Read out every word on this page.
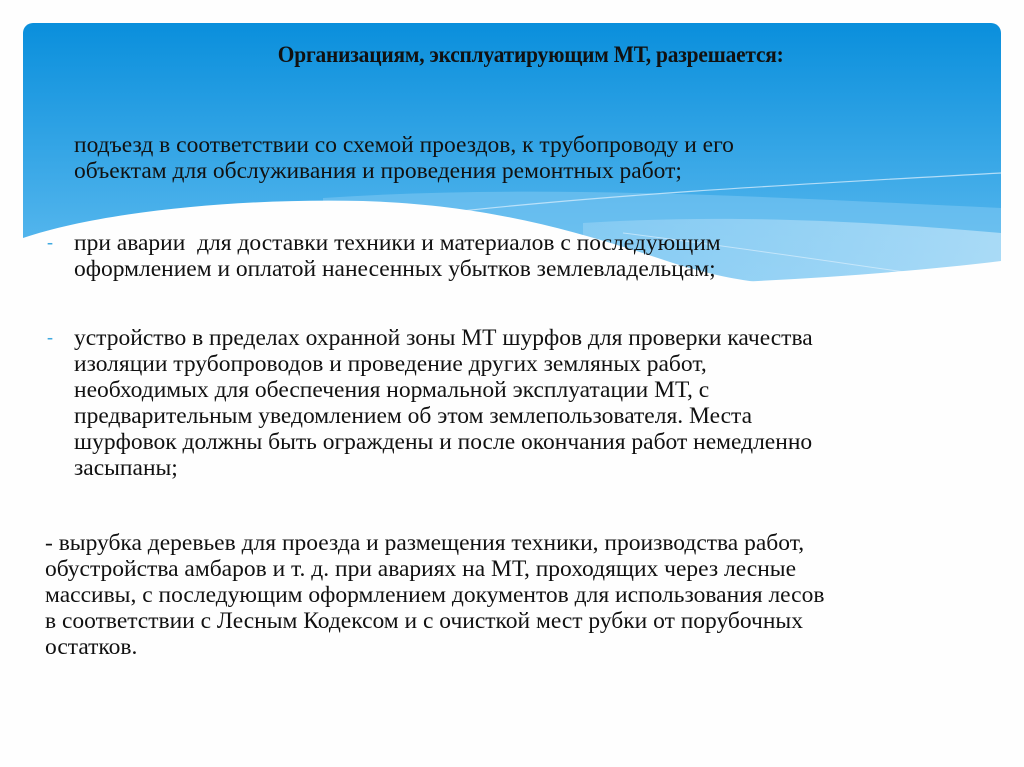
Организациям, эксплуатирующим МТ, разрешается:
подъезд в соответствии со схемой проездов, к трубопроводу и его
объектам для обслуживания и проведения ремонтных работ;
- при аварии  для доставки техники и материалов с последующим
оформлением и оплатой нанесенных убытков землевладельцам;
- устройство в пределах охранной зоны МТ шурфов для проверки качества
изоляции трубопроводов и проведение других земляных работ,
необходимых для обеспечения нормальной эксплуатации МТ, с
предварительным уведомлением об этом землепользователя. Места
шурфовок должны быть ограждены и после окончания работ немедленно
засыпаны;
- вырубка деревьев для проезда и размещения техники, производства работ,
обустройства амбаров и т. д. при авариях на МТ, проходящих через лесные
массивы, с последующим оформлением документов для использования лесов
в соответствии с Лесным Кодексом и с очисткой мест рубки от порубочных
остатков.
